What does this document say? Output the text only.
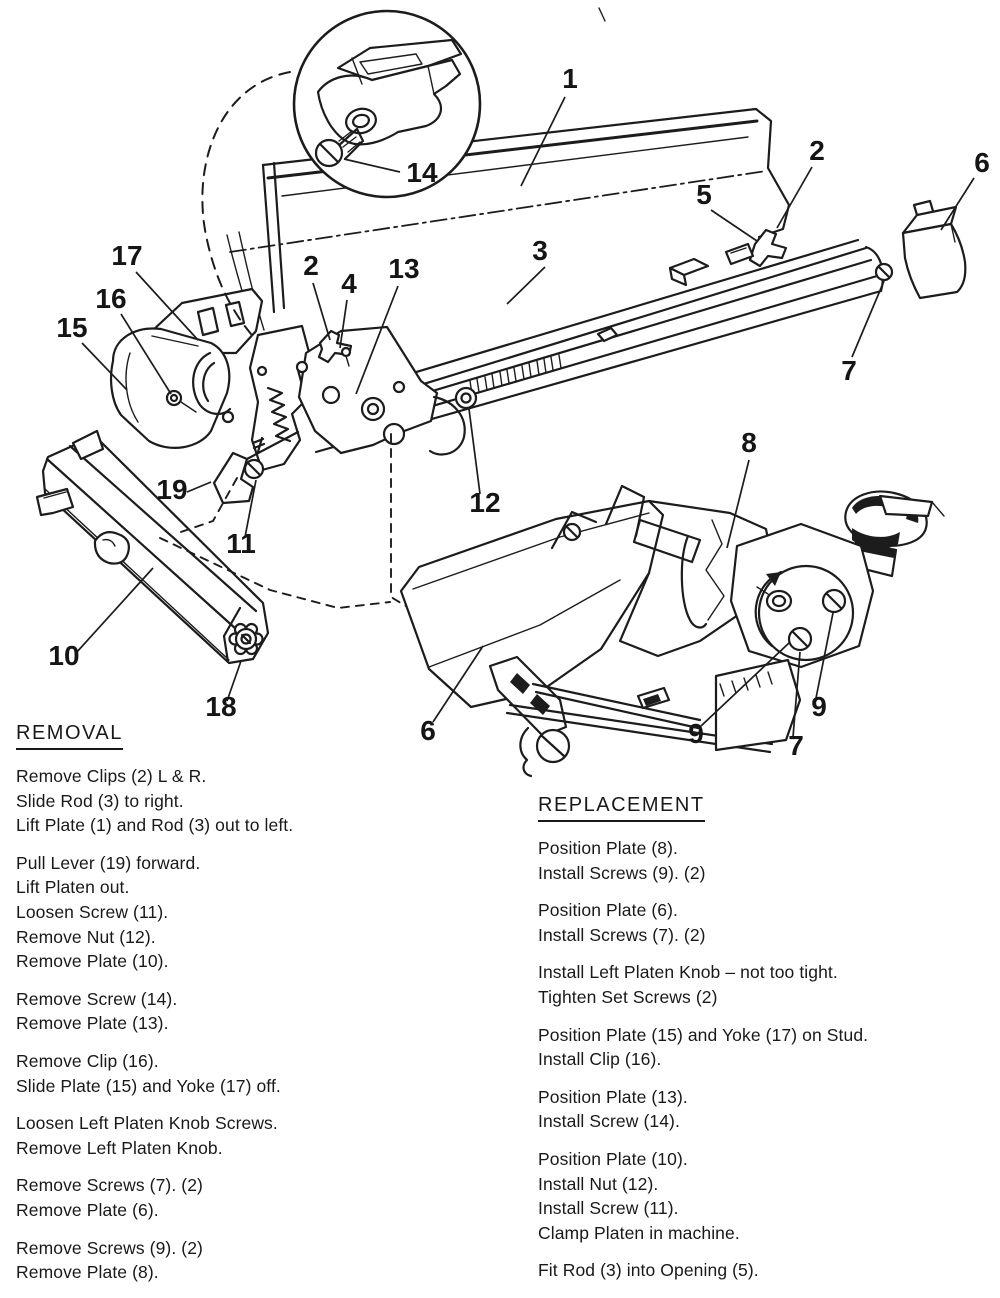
1
2
5
6
7
3
2
4 13
14
17
16
15
19
11
12
10
18
8
9
9	7
6
REMOVAL
Remove Clips (2) L & R.
Slide Rod (3) to right.
Lift Plate (1) and Rod (3) out to left.
Pull Lever (19) forward.
Lift Platen out.
Loosen Screw (11).
Remove Nut (12).
Remove Plate (10).
Remove Screw (14).
Remove Plate (13).
Remove Clip (16).
Slide Plate (15) and Yoke (17) off.
Loosen Left Platen Knob Screws.
Remove Left Platen Knob.
Remove Screws (7). (2)
Remove Plate (6).
Remove Screws (9). (2)
Remove Plate (8).
REPLACEMENT
Position Plate (8).
Install Screws (9). (2)
Position Plate (6).
Install Screws (7). (2)
Install Left Platen Knob – not too tight.
Tighten Set Screws (2)
Position Plate (15) and Yoke (17) on Stud.
Install Clip (16).
Position Plate (13).
Install Screw (14).
Position Plate (10).
Install Nut (12).
Install Screw (11).
Clamp Platen in machine.
Fit Rod (3) into Opening (5).
